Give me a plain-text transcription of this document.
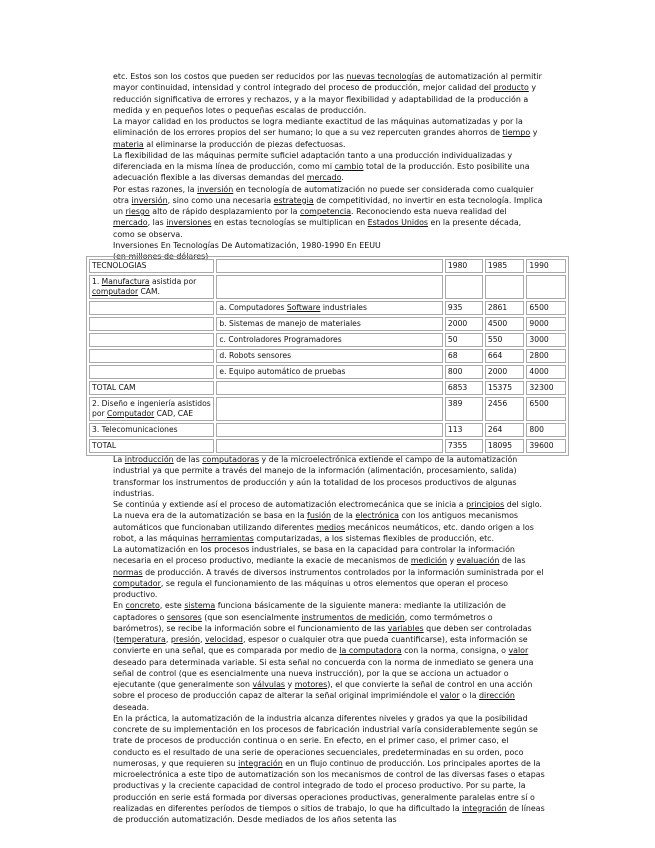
etc. Estos son los costos que pueden ser reducidos por las nuevas tecnologías de automatización al permitir mayor continuidad, intensidad y control integrado del proceso de producción, mejor calidad del producto y reducción significativa de errores y rechazos, y a la mayor flexibilidad y adaptabilidad de la producción a medida y en pequeños lotes o pequeñas escalas de producción.

La mayor calidad en los productos se logra mediante exactitud de las máquinas automatizadas y por la eliminación de los errores propios del ser humano; lo que a su vez repercuten grandes ahorros de tiempo y materia al eliminarse la producción de piezas defectuosas.

La flexibilidad de las máquinas permite suficiel adaptación tanto a una producción individualizadas y diferenciada en la misma línea de producción, como mi cambio total de la producción. Esto posibilite una adecuación flexible a las diversas demandas del mercado.

Por estas razones, la inversión en tecnología de automatización no puede ser considerada como cualquier otra inversión, sino como una necesaria estrategia de competitividad, no invertir en esta tecnología. Implica un riesgo alto de rápido desplazamiento por la competencia. Reconociendo esta nueva realidad del mercado, las inversiones en estas tecnologías se multiplican en Estados Unidos en la presente década, como se observa.

Inversiones En Tecnologías De Automatización, 1980-1990 En EEUU

(en millones de dólares)

TECNOLOGIAS		1980	1985	1990
1. Manufactura asistida por computador CAM.				
	a. Computadores Software industriales	935	2861	6500
	b. Sistemas de manejo de materiales	2000	4500	9000
	c. Controladores Programadores	50	550	3000
	d. Robots sensores	68	664	2800
	e. Equipo automático de pruebas	800	2000	4000
TOTAL CAM		6853	15375	32300
2. Diseño e ingeniería asistidos por Computador CAD, CAE		389	2456	6500
3. Telecomunicaciones		113	264	800
TOTAL		7355	18095	39600

La introducción de las computadoras y de la microelectrónica extiende el campo de la automatización industrial ya que permite a través del manejo de la información (alimentación, procesamiento, salida) transformar los instrumentos de producción y aún la totalidad de los procesos productivos de algunas industrias.

Se continúa y extiende así el proceso de automatización electromecánica que se inicia a principios del siglo. La nueva era de la automatización se basa en la fusión de la electrónica con los antiguos mecanismos automáticos que funcionaban utilizando diferentes medios mecánicos neumáticos, etc. dando origen a los robot, a las máquinas herramientas computarizadas, a los sistemas flexibles de producción, etc.

La automatización en los procesos industriales, se basa en la capacidad para controlar la información necesaria en el proceso productivo, mediante la exacie de mecanismos de medición y evaluación de las normas de producción. A través de diversos instrumentos controlados por la información suministrada por el computador, se regula el funcionamiento de las máquinas u otros elementos que operan el proceso productivo.

En concreto, este sistema funciona básicamente de la siguiente manera: mediante la utilización de captadores o sensores (que son esencialmente instrumentos de medición, como termómetros o barómetros), se recibe la información sobre el funcionamiento de las variables que deben ser controladas (temperatura, presión, velocidad, espesor o cualquier otra que pueda cuantificarse), esta información se convierte en una señal, que es comparada por medio de la computadora con la norma, consigna, o valor deseado para determinada variable. Si esta señal no concuerda con la norma de inmediato se genera una señal de control (que es esencialmente una nueva instrucción), por la que se acciona un actuador o ejecutante (que generalmente son válvulas y motores), el que convierte la señal de control en una acción sobre el proceso de producción capaz de alterar la señal original imprimiéndole el valor o la dirección deseada.

En la práctica, la automatización de la industria alcanza diferentes niveles y grados ya que la posibilidad concrete de su implementación en los procesos de fabricación industrial varía considerablemente según se trate de procesos de producción continua o en serie. En efecto, en el primer caso, el primer caso, el conducto es el resultado de una serie de operaciones secuenciales, predeterminadas en su orden, poco numerosas, y que requieren su integración en un flujo continuo de producción. Los principales aportes de la microelectrónica a este tipo de automatización son los mecanismos de control de las diversas fases o etapas productivas y la creciente capacidad de control integrado de todo el proceso productivo. Por su parte, la producción en serie está formada por diversas operaciones productivas, generalmente paralelas entre sí o realizadas en diferentes períodos de tiempos o sitios de trabajo, lo que ha dificultado la integración de líneas de producción automatización. Desde mediados de los años setenta las
